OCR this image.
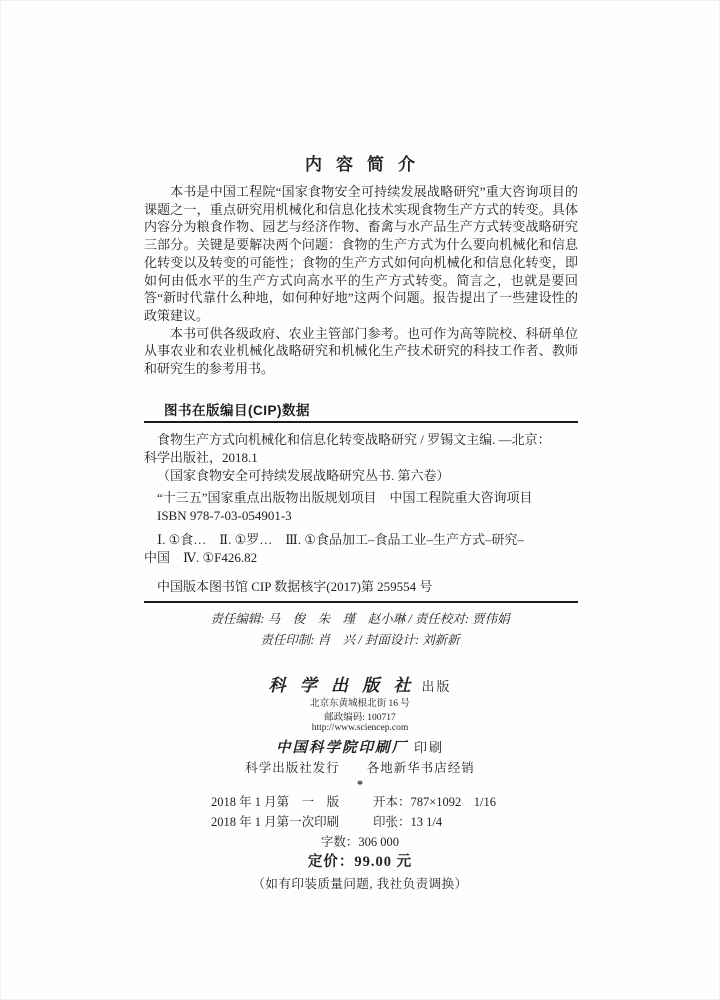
内容简介

本书是中国工程院“国家食物安全可持续发展战略研究”重大咨询项目的课题之一，重点研究用机械化和信息化技术实现食物生产方式的转变。具体内容分为粮食作物、园艺与经济作物、畜禽与水产品生产方式转变战略研究三部分。关键是要解决两个问题：食物的生产方式为什么要向机械化和信息化转变以及转变的可能性；食物的生产方式如何向机械化和信息化转变，即如何由低水平的生产方式向高水平的生产方式转变。简言之，也就是要回答“新时代靠什么种地，如何种好地”这两个问题。报告提出了一些建设性的政策建议。

本书可供各级政府、农业主管部门参考。也可作为高等院校、科研单位从事农业和农业机械化战略研究和机械化生产技术研究的科技工作者、教师和研究生的参考用书。

图书在版编目(CIP)数据
食物生产方式向机械化和信息化转变战略研究 / 罗锡文主编. —北京：
科学出版社，2018.1
（国家食物安全可持续发展战略研究丛书. 第六卷）
“十三五”国家重点出版物出版规划项目　中国工程院重大咨询项目
ISBN 978-7-03-054901-3
Ⅰ. ①食…　Ⅱ. ①罗…　Ⅲ. ①食品加工–食品工业–生产方式–研究–
中国　Ⅳ. ①F426.82
中国版本图书馆 CIP 数据核字(2017)第 259554 号
责任编辑: 马　俊　朱　瑾　赵小琳 / 责任校对: 贾伟娟
责任印制: 肖　兴 / 封面设计: 刘新新
科 学 出 版 社 出版
北京东黄城根北街 16 号
邮政编码: 100717
http://www.sciencep.com
中国科学院印刷厂 印刷
科学出版社发行　　各地新华书店经销
*
2018 年 1 月第　一　版	开本：787×1092　1/16
2018 年 1 月第一次印刷	印张：13 1/4
字数：306 000
定价：99.00 元
（如有印装质量问题, 我社负责调换）
